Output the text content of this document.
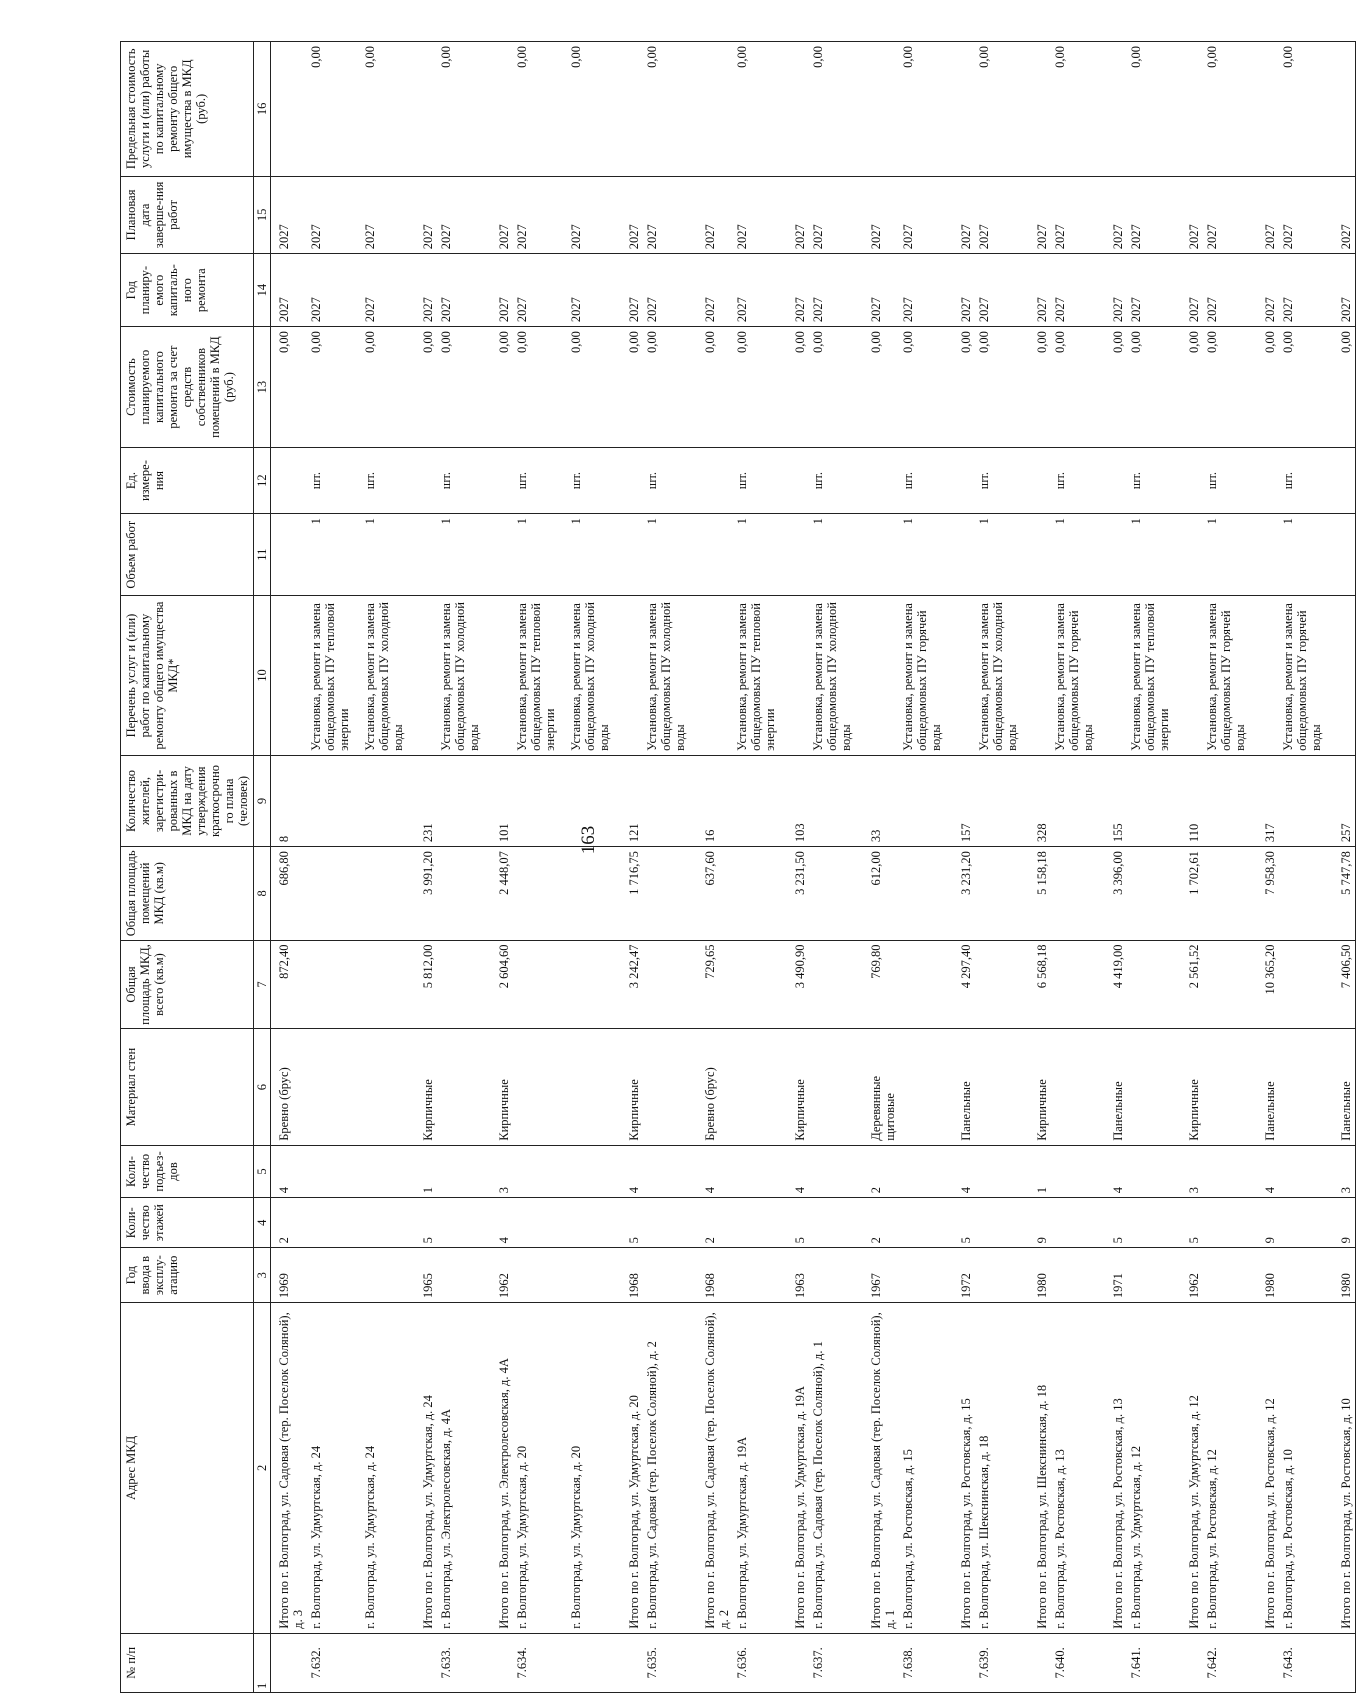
163
№ п/п	Адрес МКД	Год ввода в эксплу-атацию	Коли-чество этажей	Коли-чество подъез-дов	Материал стен	Общая площадь МКД, всего (кв.м)	Общая площадь помещений МКД (кв.м)	Количество жителей, зарегистри-рованных в МКД на дату утверждения краткосрочно го плана (человек)	Перечень услуг и (или) работ по капитальному ремонту общего имущества МКД*	Объем работ	Ед. измере-ния	Стоимость планируемого капитального ремонта за счет средств собственников помещений в МКД (руб.)	Год планиру-емого капиталь-ного ремонта	Плановая дата заверше-ния работ	Предельная стоимость услуги и (или) работы по капитальному ремонту общего имущества в МКД (руб.)
1	2	3	4	5	6	7	8	9	10	11	12	13	14	15	16
	Итого по г. Волгоград, ул. Садовая (тер. Поселок Соляной), д. 3	1969	2	4	Бревно (брус)	872,40	686,80	8				0,00	2027	2027	
7.632.	г. Волгоград, ул. Удмуртская, д. 24								Установка, ремонт и замена общедомовых ПУ тепловой энергии	1	шт.	0,00	2027	2027	0,00
	г. Волгоград, ул. Удмуртская, д. 24								Установка, ремонт и замена общедомовых ПУ холодной воды	1	шт.	0,00	2027	2027	0,00
	Итого по г. Волгоград, ул. Удмуртская, д. 24	1965	5	1	Кирпичные	5 812,00	3 991,20	231				0,00	2027	2027	
7.633.	г. Волгоград, ул. Электролесовская, д. 4А								Установка, ремонт и замена общедомовых ПУ холодной воды	1	шт.	0,00	2027	2027	0,00
	Итого по г. Волгоград, ул. Электролесовская, д. 4А	1962	4	3	Кирпичные	2 604,60	2 448,07	101				0,00	2027	2027	
7.634.	г. Волгоград, ул. Удмуртская, д. 20								Установка, ремонт и замена общедомовых ПУ тепловой энергии	1	шт.	0,00	2027	2027	0,00
	г. Волгоград, ул. Удмуртская, д. 20								Установка, ремонт и замена общедомовых ПУ холодной воды	1	шт.	0,00	2027	2027	0,00
	Итого по г. Волгоград, ул. Удмуртская, д. 20	1968	5	4	Кирпичные	3 242,47	1 716,75	121				0,00	2027	2027	
7.635.	г. Волгоград, ул. Садовая (тер. Поселок Соляной), д. 2								Установка, ремонт и замена общедомовых ПУ холодной воды	1	шт.	0,00	2027	2027	0,00
	Итого по г. Волгоград, ул. Садовая (тер. Поселок Соляной), д. 2	1968	2	4	Бревно (брус)	729,65	637,60	16				0,00	2027	2027	
7.636.	г. Волгоград, ул. Удмуртская, д. 19А								Установка, ремонт и замена общедомовых ПУ тепловой энергии	1	шт.	0,00	2027	2027	0,00
	Итого по г. Волгоград, ул. Удмуртская, д. 19А	1963	5	4	Кирпичные	3 490,90	3 231,50	103				0,00	2027	2027	
7.637.	г. Волгоград, ул. Садовая (тер. Поселок Соляной), д. 1								Установка, ремонт и замена общедомовых ПУ холодной воды	1	шт.	0,00	2027	2027	0,00
	Итого по г. Волгоград, ул. Садовая (тер. Поселок Соляной), д. 1	1967	2	2	Деревянные щитовые	769,80	612,00	33				0,00	2027	2027	
7.638.	г. Волгоград, ул. Ростовская, д. 15								Установка, ремонт и замена общедомовых ПУ горячей воды	1	шт.	0,00	2027	2027	0,00
	Итого по г. Волгоград, ул. Ростовская, д. 15	1972	5	4	Панельные	4 297,40	3 231,20	157				0,00	2027	2027	
7.639.	г. Волгоград, ул. Шекснинская, д. 18								Установка, ремонт и замена общедомовых ПУ холодной воды	1	шт.	0,00	2027	2027	0,00
	Итого по г. Волгоград, ул. Шекснинская, д. 18	1980	9	1	Кирпичные	6 568,18	5 158,18	328				0,00	2027	2027	
7.640.	г. Волгоград, ул. Ростовская, д. 13								Установка, ремонт и замена общедомовых ПУ горячей воды	1	шт.	0,00	2027	2027	0,00
	Итого по г. Волгоград, ул. Ростовская, д. 13	1971	5	4	Панельные	4 419,00	3 396,00	155				0,00	2027	2027	
7.641.	г. Волгоград, ул. Удмуртская, д. 12								Установка, ремонт и замена общедомовых ПУ тепловой энергии	1	шт.	0,00	2027	2027	0,00
	Итого по г. Волгоград, ул. Удмуртская, д. 12	1962	5	3	Кирпичные	2 561,52	1 702,61	110				0,00	2027	2027	
7.642.	г. Волгоград, ул. Ростовская, д. 12								Установка, ремонт и замена общедомовых ПУ горячей воды	1	шт.	0,00	2027	2027	0,00
	Итого по г. Волгоград, ул. Ростовская, д. 12	1980	9	4	Панельные	10 365,20	7 958,30	317				0,00	2027	2027	
7.643.	г. Волгоград, ул. Ростовская, д. 10								Установка, ремонт и замена общедомовых ПУ горячей воды	1	шт.	0,00	2027	2027	0,00
	Итого по г. Волгоград, ул. Ростовская, д. 10	1980	9	3	Панельные	7 406,50	5 747,78	257				0,00	2027	2027	
